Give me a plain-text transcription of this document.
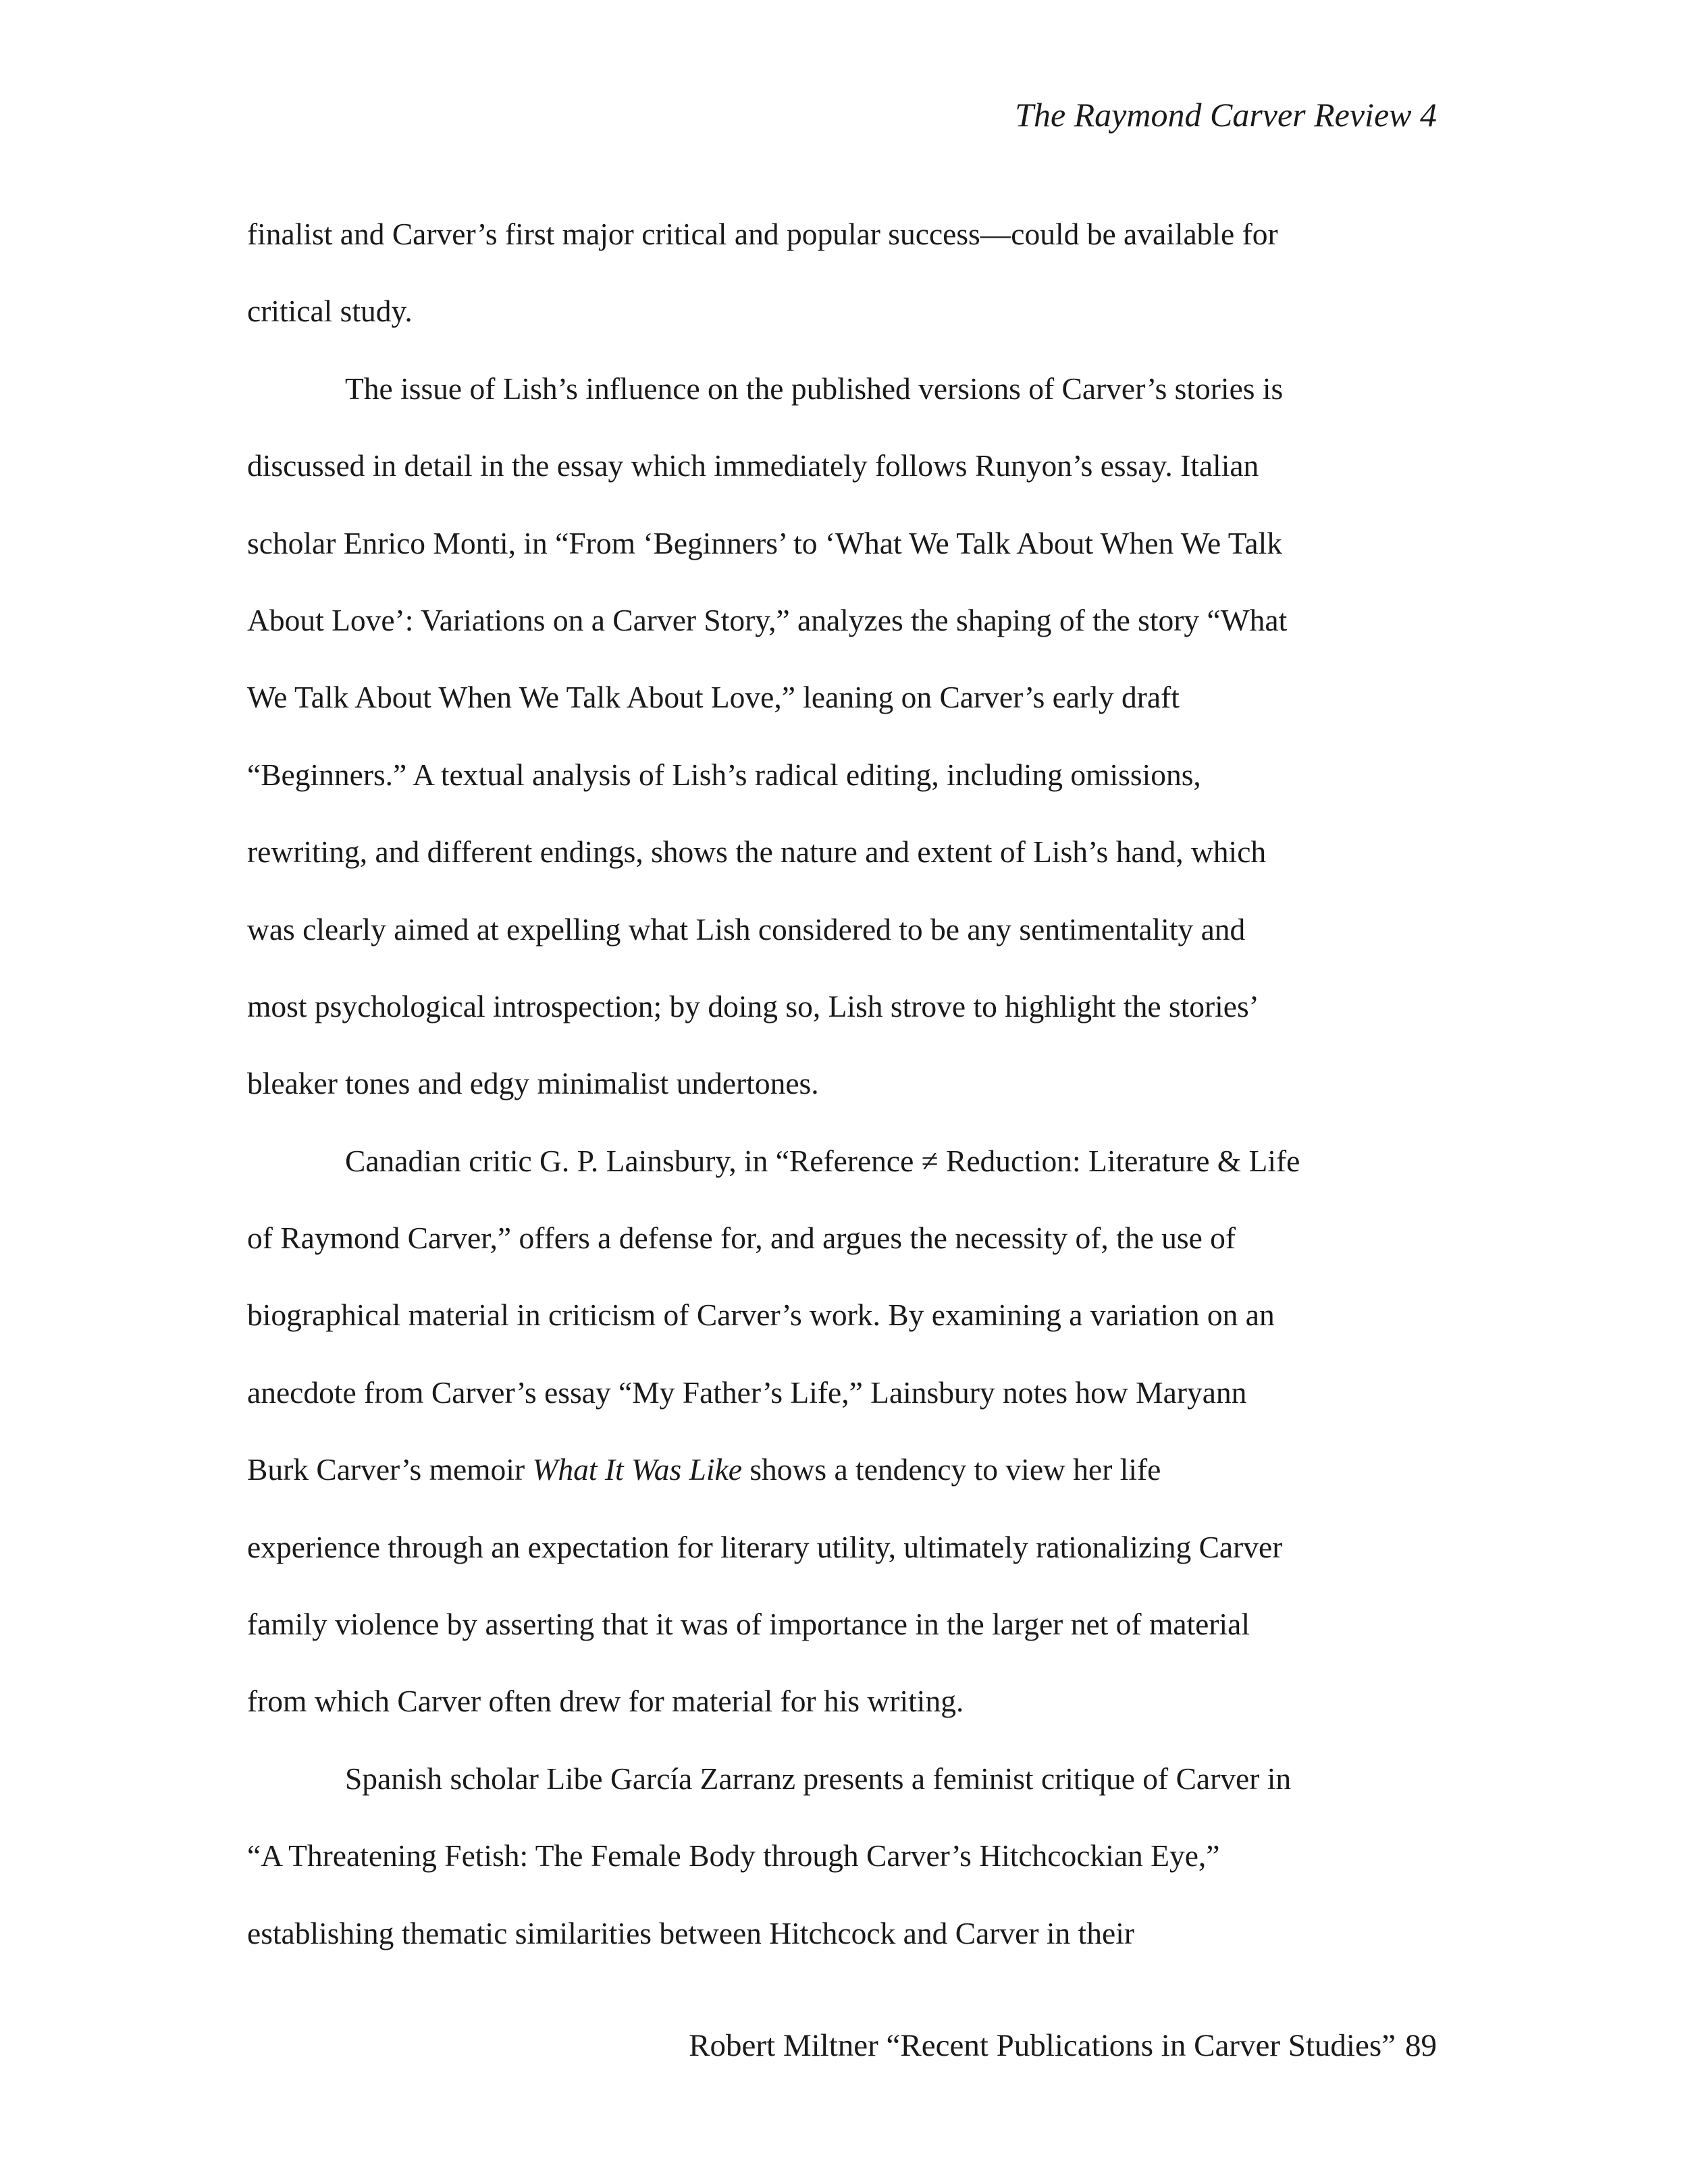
The Raymond Carver Review 4
finalist and Carver’s first major critical and popular success—could be available for
critical study.
The issue of Lish’s influence on the published versions of Carver’s stories is
discussed in detail in the essay which immediately follows Runyon’s essay. Italian
scholar Enrico Monti, in “From ‘Beginners’ to ‘What We Talk About When We Talk
About Love’: Variations on a Carver Story,” analyzes the shaping of the story “What
We Talk About When We Talk About Love,” leaning on Carver’s early draft
“Beginners.” A textual analysis of Lish’s radical editing, including omissions,
rewriting, and different endings, shows the nature and extent of Lish’s hand, which
was clearly aimed at expelling what Lish considered to be any sentimentality and
most psychological introspection; by doing so, Lish strove to highlight the stories’
bleaker tones and edgy minimalist undertones.
Canadian critic G. P. Lainsbury, in “Reference ≠ Reduction: Literature & Life
of Raymond Carver,” offers a defense for, and argues the necessity of, the use of
biographical material in criticism of Carver’s work. By examining a variation on an
anecdote from Carver’s essay “My Father’s Life,” Lainsbury notes how Maryann
Burk Carver’s memoir What It Was Like shows a tendency to view her life
experience through an expectation for literary utility, ultimately rationalizing Carver
family violence by asserting that it was of importance in the larger net of material
from which Carver often drew for material for his writing.
Spanish scholar Libe García Zarranz presents a feminist critique of Carver in
“A Threatening Fetish: The Female Body through Carver’s Hitchcockian Eye,”
establishing thematic similarities between Hitchcock and Carver in their
Robert Miltner “Recent Publications in Carver Studies” 89
